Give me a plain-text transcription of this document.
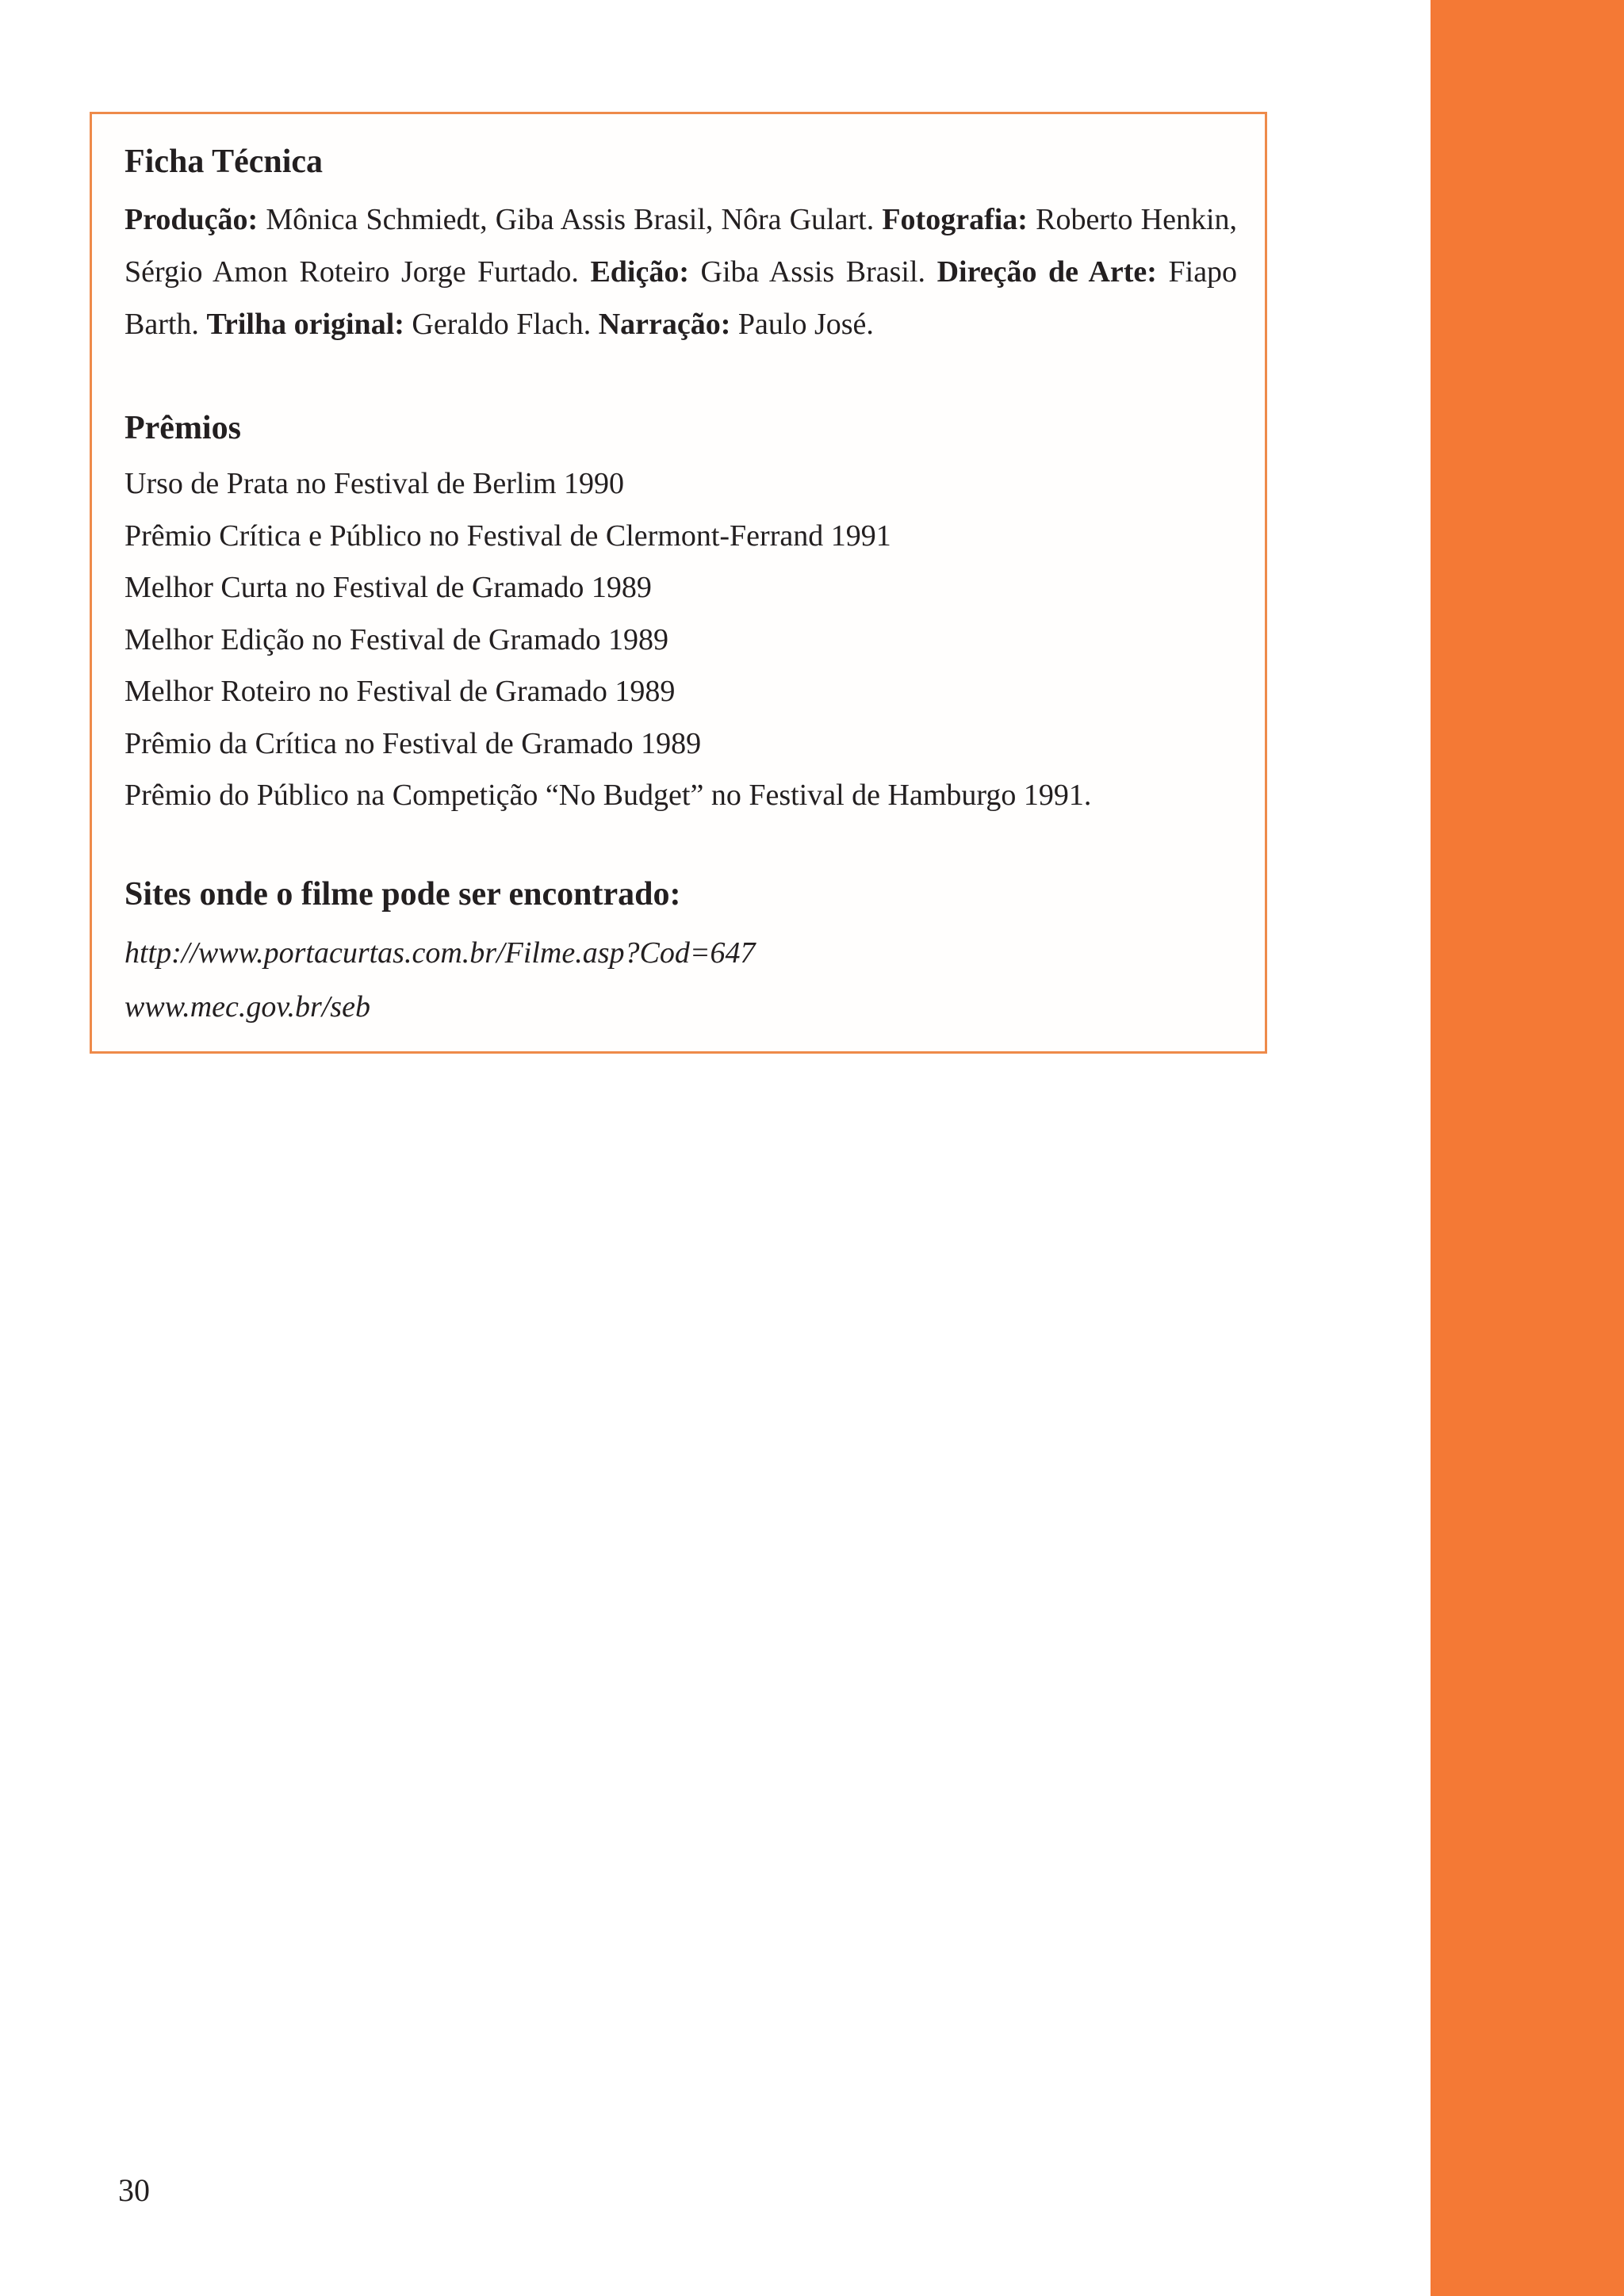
Ficha Técnica

Produção: Mônica Schmiedt, Giba Assis Brasil, Nôra Gulart. Fotografia: Roberto Henkin, Sérgio Amon Roteiro Jorge Furtado. Edição: Giba Assis Brasil. Direção de Arte: Fiapo Barth. Trilha original: Geraldo Flach. Narração: Paulo José.

Prêmios
Urso de Prata no Festival de Berlim 1990
Prêmio Crítica e Público no Festival de Clermont-Ferrand 1991
Melhor Curta no Festival de Gramado 1989
Melhor Edição no Festival de Gramado 1989
Melhor Roteiro no Festival de Gramado 1989
Prêmio da Crítica no Festival de Gramado 1989
Prêmio do Público na Competição “No Budget” no Festival de Hamburgo 1991.
Sites onde o filme pode ser encontrado:
http://www.portacurtas.com.br/Filme.asp?Cod=647
www.mec.gov.br/seb
30
